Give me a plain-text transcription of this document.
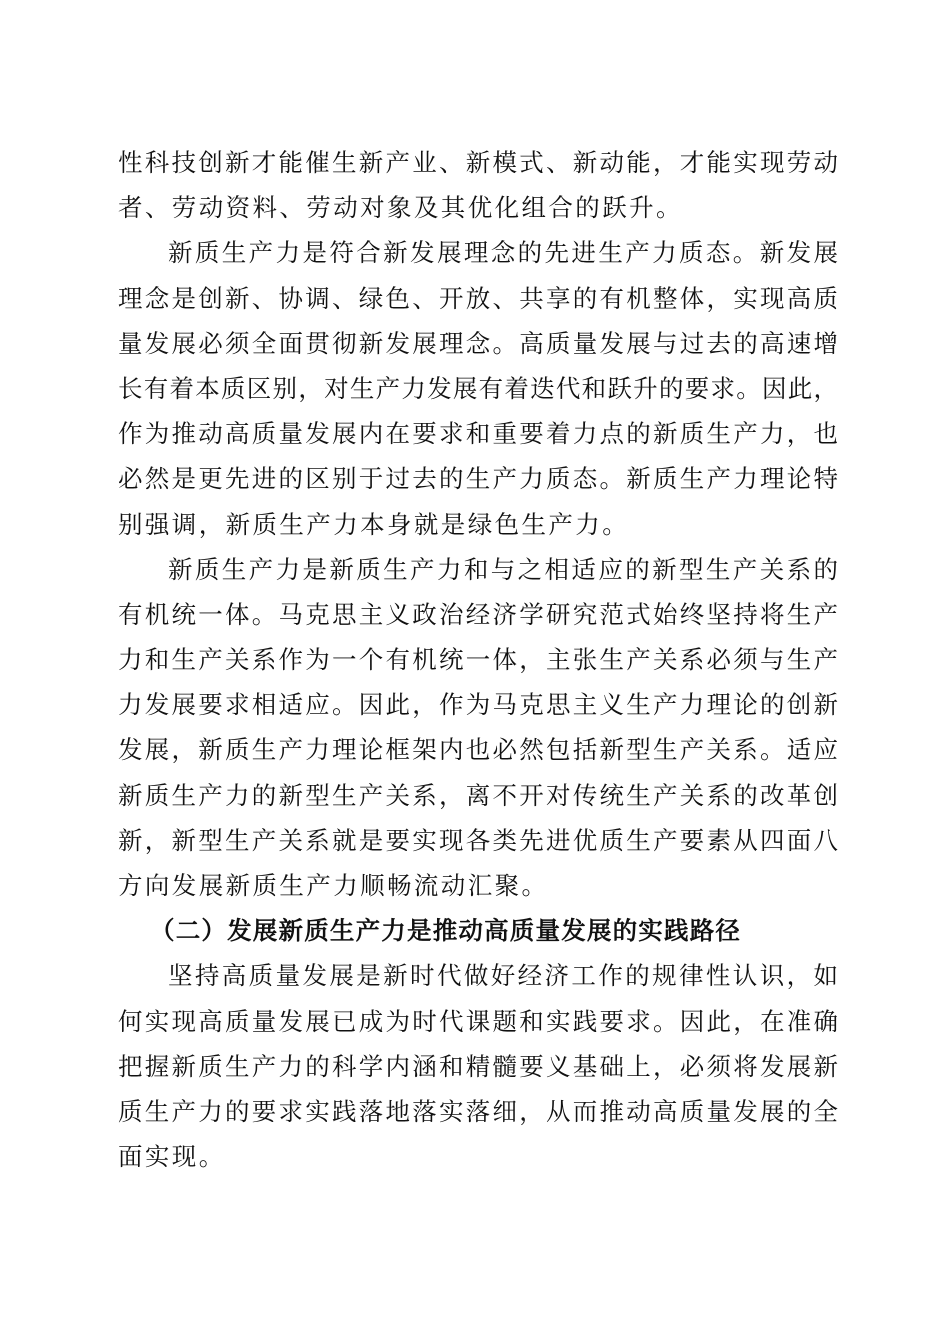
性科技创新才能催生新产业、新模式、新动能，才能实现劳动
者、劳动资料、劳动对象及其优化组合的跃升。
新质生产力是符合新发展理念的先进生产力质态。新发展
理念是创新、协调、绿色、开放、共享的有机整体，实现高质
量发展必须全面贯彻新发展理念。高质量发展与过去的高速增
长有着本质区别，对生产力发展有着迭代和跃升的要求。因此，
作为推动高质量发展内在要求和重要着力点的新质生产力，也
必然是更先进的区别于过去的生产力质态。新质生产力理论特
别强调，新质生产力本身就是绿色生产力。
新质生产力是新质生产力和与之相适应的新型生产关系的
有机统一体。马克思主义政治经济学研究范式始终坚持将生产
力和生产关系作为一个有机统一体，主张生产关系必须与生产
力发展要求相适应。因此，作为马克思主义生产力理论的创新
发展，新质生产力理论框架内也必然包括新型生产关系。适应
新质生产力的新型生产关系，离不开对传统生产关系的改革创
新，新型生产关系就是要实现各类先进优质生产要素从四面八
方向发展新质生产力顺畅流动汇聚。
（二）发展新质生产力是推动高质量发展的实践路径
坚持高质量发展是新时代做好经济工作的规律性认识，如
何实现高质量发展已成为时代课题和实践要求。因此，在准确
把握新质生产力的科学内涵和精髓要义基础上，必须将发展新
质生产力的要求实践落地落实落细，从而推动高质量发展的全
面实现。
